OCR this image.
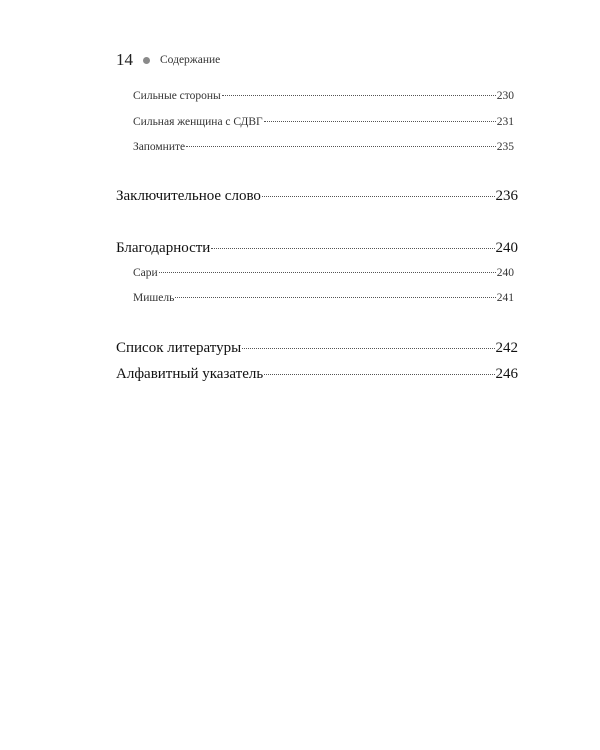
14 Содержание
Сильные стороны	230
Сильная женщина с СДВГ	231
Запомните	235
Заключительное слово	236
Благодарности	240
Сари	240
Мишель	241
Список литературы	242
Алфавитный указатель	246
